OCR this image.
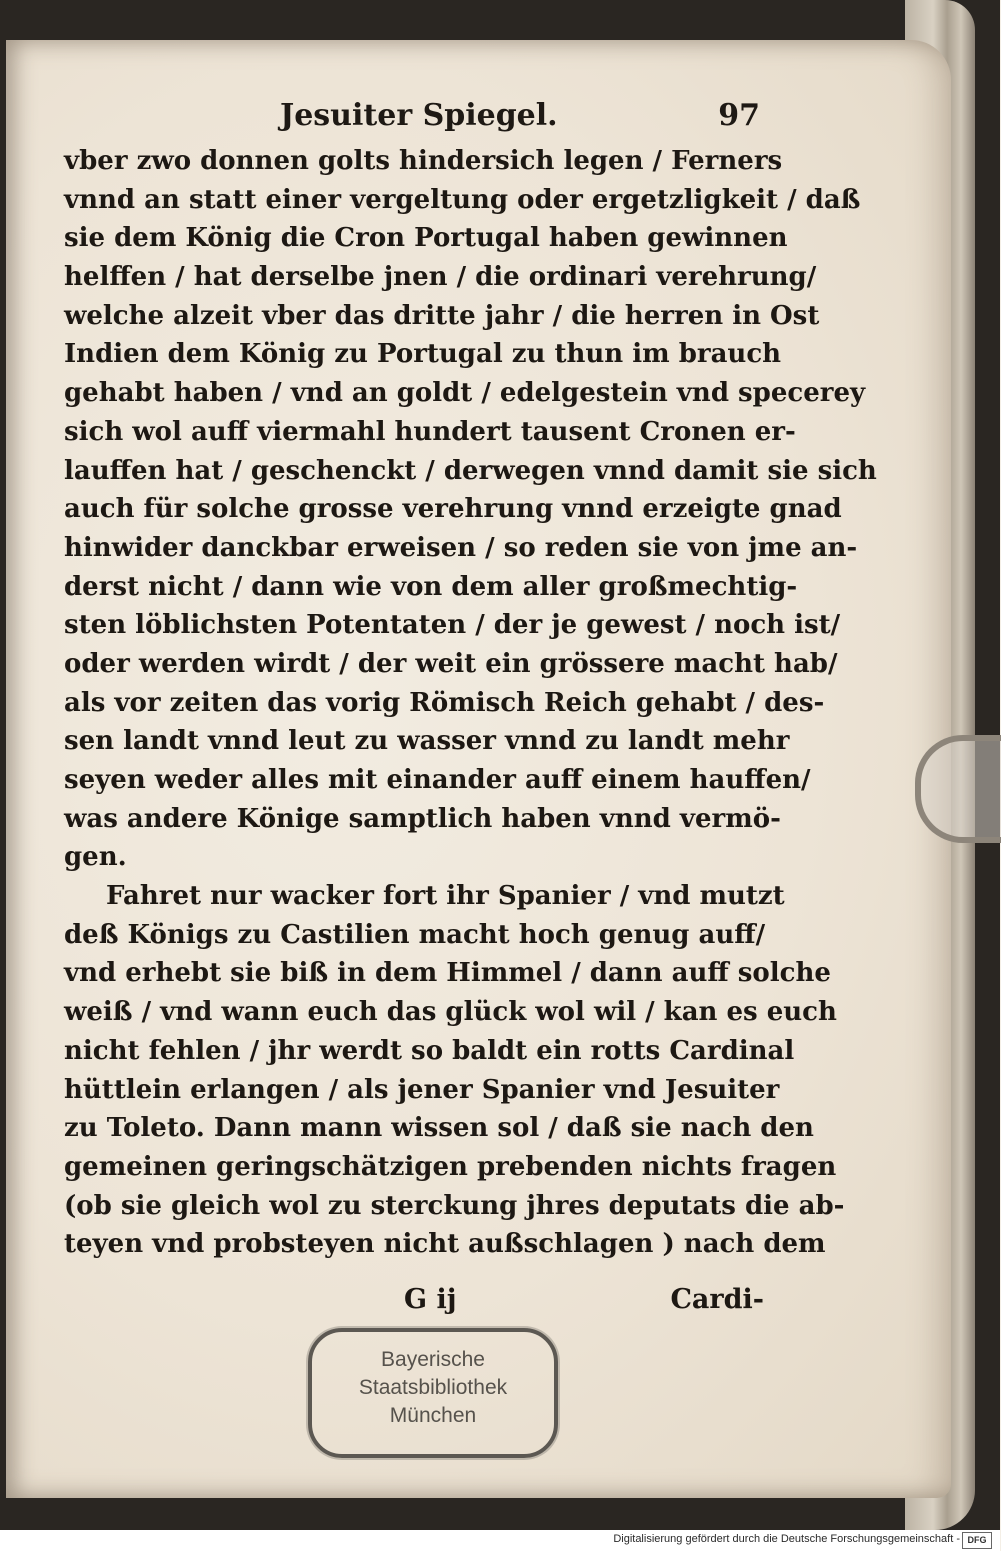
Jesuiter Spiegel.	97
vber zwo donnen golts hindersich legen / Ferners
vnnd an statt einer vergeltung oder ergetzligkeit / daß
sie dem König die Cron Portugal haben gewinnen
helffen / hat derselbe jnen / die ordinari verehrung/
welche alzeit vber das dritte jahr / die herren in Ost
Indien dem König zu Portugal zu thun im brauch
gehabt haben / vnd an goldt / edelgestein vnd specerey
sich wol auff viermahl hundert tausent Cronen er-
lauffen hat / geschenckt / derwegen vnnd damit sie sich
auch für solche grosse verehrung vnnd erzeigte gnad
hinwider danckbar erweisen / so reden sie von jme an-
derst nicht / dann wie von dem aller großmechtig-
sten löblichsten Potentaten / der je gewest / noch ist/
oder werden wirdt / der weit ein grössere macht hab/
als vor zeiten das vorig Römisch Reich gehabt / des-
sen landt vnnd leut zu wasser vnnd zu landt mehr
seyen weder alles mit einander auff einem hauffen/
was andere Könige samptlich haben vnnd vermö-
gen.
Fahret nur wacker fort ihr Spanier / vnd mutzt
deß Königs zu Castilien macht hoch genug auff/
vnd erhebt sie biß in dem Himmel / dann auff solche
weiß / vnd wann euch das glück wol wil / kan es euch
nicht fehlen / jhr werdt so baldt ein rotts Cardinal
hüttlein erlangen / als jener Spanier vnd Jesuiter
zu Toleto. Dann mann wissen sol / daß sie nach den
gemeinen geringschätzigen prebenden nichts fragen
(ob sie gleich wol zu sterckung jhres deputats die ab-
teyen vnd probsteyen nicht außschlagen ) nach dem
G ij	Cardi-
Bayerische
Staatsbibliothek
München
Digitalisierung gefördert durch die Deutsche Forschungsgemeinschaft - DFG
